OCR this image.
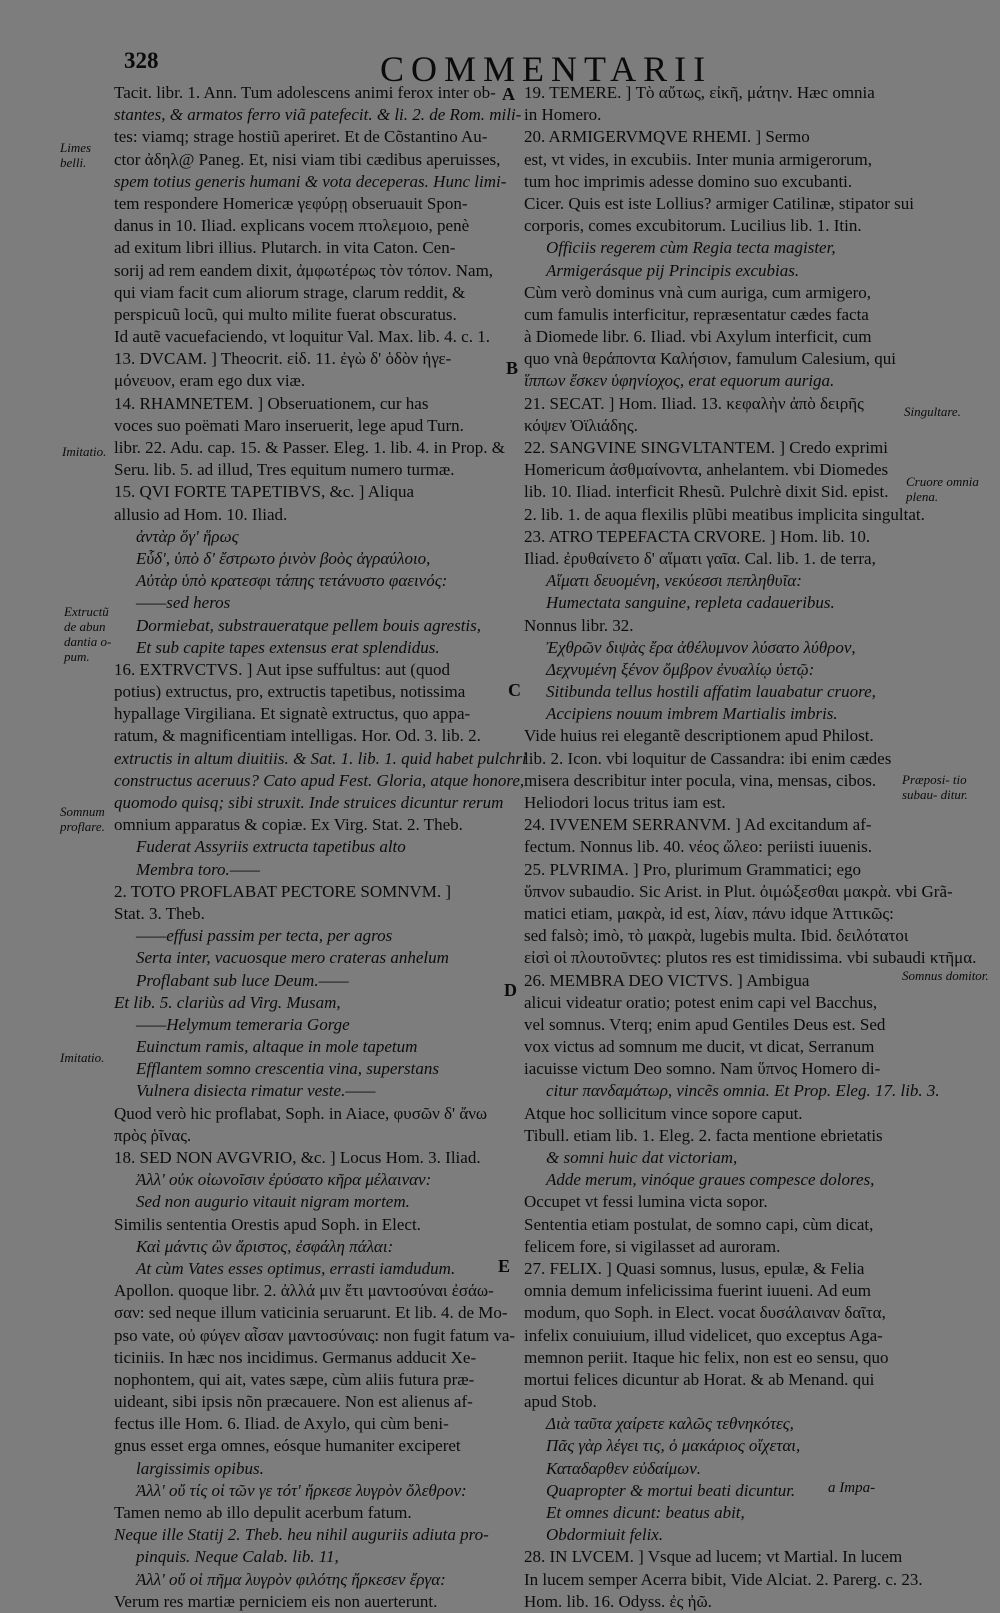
328	COMMENTARII
Tacit. libr. 1. Ann. Tum adolescens animi ferox inter ob-
stantes, & armatos ferro viã patefecit. & li. 2. de Rom. mili-
tes: viamq; strage hostiũ aperiret. Et de Cõstantino Au-
ctor ἀδηλ@ Paneg. Et, nisi viam tibi cædibus aperuisses,
spem totius generis humani & vota deceperas. Hunc limi-
tem respondere Homericæ γεφύρῃ obseruauit Spon-
danus in 10. Iliad. explicans vocem πτολεμοιο, penè
ad exitum libri illius. Plutarch. in vita Caton. Cen-
sorij ad rem eandem dixit, ἀμφωτέρως τὸν τόπον. Nam,
qui viam facit cum aliorum strage, clarum reddit, &
perspicuũ locũ, qui multo milite fuerat obscuratus.
Id autẽ vacuefaciendo, vt loquitur Val. Max. lib. 4. c. 1.
13. DVCAM. ] Theocrit. εἰδ. 11. ἐγὼ δ' ὁδὸν ἡγε-
μόνευον, eram ego dux viæ.
14. RHAMNETEM. ] Obseruationem, cur has
voces suo poëmati Maro inseruerit, lege apud Turn.
libr. 22. Adu. cap. 15. & Passer. Eleg. 1. lib. 4. in Prop. &
Seru. lib. 5. ad illud, Tres equitum numero turmæ.
15. QVI FORTE TAPETIBVS, &c. ] Aliqua
allusio ad Hom. 10. Iliad.
ἀντὰρ ὅγ' ἥρως
Εὗδ', ὑπὸ δ' ἔστρωτο ῥινὸν βοὸς ἀγραύλοιο,
Αὐτὰρ ὑπὸ κρατεσφι τάπης τετάνυστο φαεινός:
——sed heros
Dormiebat, substraueratque pellem bouis agrestis,
Et sub capite tapes extensus erat splendidus.
16. EXTRVCTVS. ] Aut ipse suffultus: aut (quod
potius) extructus, pro, extructis tapetibus, notissima
hypallage Virgiliana. Et signatè extructus, quo appa-
ratum, & magnificentiam intelligas. Hor. Od. 3. lib. 2.
extructis in altum diuitiis. & Sat. 1. lib. 1. quid habet pulchri
constructus aceruus? Cato apud Fest. Gloria, atque honore,
quomodo quisq; sibi struxit. Inde struices dicuntur rerum
omnium apparatus & copiæ. Ex Virg. Stat. 2. Theb.
Fuderat Assyriis extructa tapetibus alto
Membra toro.——
2. TOTO PROFLABAT PECTORE SOMNVM. ]
Stat. 3. Theb.
——effusi passim per tecta, per agros
Serta inter, vacuosque mero crateras anhelum
Proflabant sub luce Deum.——
Et lib. 5. clariùs ad Virg. Musam,
——Helymum temeraria Gorge
Euinctum ramis, altaque in mole tapetum
Efflantem somno crescentia vina, superstans
Vulnera disiecta rimatur veste.——
Quod verò hic proflabat, Soph. in Aiace, φυσῶν δ' ἄνω
πρὸς ῥῖνας.
18. SED NON AVGVRIO, &c. ] Locus Hom. 3. Iliad.
Ἀλλ' οὐκ οἰωνοῖσιν ἐρύσατο κῆρα μέλαιναν:
Sed non augurio vitauit nigram mortem.
Similis sententia Orestis apud Soph. in Elect.
Καὶ μάντις ὢν ἄριστος, ἐσφάλη πάλαι:
At cùm Vates esses optimus, errasti iamdudum.
Apollon. quoque libr. 2. ἀλλά μιν ἔτι μαντοσύναι ἐσάω-
σαν: sed neque illum vaticinia seruarunt. Et lib. 4. de Mo-
pso vate, οὐ φύγεν αἶσαν μαντοσύναις: non fugit fatum va-
ticiniis. In hæc nos incidimus. Germanus adducit Xe-
nophontem, qui ait, vates sæpe, cùm aliis futura præ-
uideant, sibi ipsis nõn præcauere. Non est alienus af-
fectus ille Hom. 6. Iliad. de Axylo, qui cùm beni-
gnus esset erga omnes, eósque humaniter exciperet
largissimis opibus.
Ἀλλ' οὔ τίς οἱ τῶν γε τότ' ἤρκεσε λυγρὸν ὄλεθρον:
Tamen nemo ab illo depulit acerbum fatum.
Neque ille Statij 2. Theb. heu nihil auguriis adiuta pro-
pinquis. Neque Calab. lib. 11,
Ἀλλ' οὔ οἱ πῆμα λυγρὸν φιλότης ἤρκεσεν ἔργα:
Verum res martiæ perniciem eis non auerterunt.
19. TEMERE. ] Τὸ αὔτως, εἰκῆ, μάτην. Hæc omnia
in Homero.
20. ARMIGERVMQVE RHEMI. ] Sermo
est, vt vides, in excubiis. Inter munia armigerorum,
tum hoc imprimis adesse domino suo excubanti.
Cicer. Quis est iste Lollius? armiger Catilinæ, stipator sui
corporis, comes excubitorum. Lucilius lib. 1. Itin.
Officiis regerem cùm Regia tecta magister,
Armigerásque pij Principis excubias.
Cùm verò dominus vnà cum auriga, cum armigero,
cum famulis interficitur, repræsentatur cædes facta
à Diomede libr. 6. Iliad. vbi Axylum interficit, cum
quo vnà θεράποντα Καλήσιον, famulum Calesium, qui
ἵππων ἔσκεν ὑφηνίοχος, erat equorum auriga.
21. SECAT. ] Hom. Iliad. 13. κεφαλὴν ἀπὸ δειρῆς
κόψεν Ὀϊλιάδης.
22. SANGVINE SINGVLTANTEM. ] Credo exprimi
Homericum ἀσθμαίνοντα, anhelantem. vbi Diomedes
lib. 10. Iliad. interficit Rhesũ. Pulchrè dixit Sid. epist.
2. lib. 1. de aqua flexilis plũbi meatibus implicita singultat.
23. ATRO TEPEFACTA CRVORE. ] Hom. lib. 10.
Iliad. ἐρυθαίνετο δ' αἵματι γαῖα. Cal. lib. 1. de terra,
Αἵματι δευομένη, νεκύεσσι πεπληθυῖα:
Humectata sanguine, repleta cadaueribus.
Nonnus libr. 32.
Ἐχθρῶν διψὰς ἔρα ἀθέλυμνον λύσατο λύθρον,
Δεχνυμένη ξένον ὄμβρον ἐνυαλίῳ ὑετῷ:
Sitibunda tellus hostili affatim lauabatur cruore,
Accipiens nouum imbrem Martialis imbris.
Vide huius rei elegantẽ descriptionem apud Philost.
lib. 2. Icon. vbi loquitur de Cassandra: ibi enim cædes
misera describitur inter pocula, vina, mensas, cibos.
Heliodori locus tritus iam est.
24. IVVENEM SERRANVM. ] Ad excitandum af-
fectum. Nonnus lib. 40. νέος ὤλεο: periisti iuuenis.
25. PLVRIMA. ] Pro, plurimum Grammatici; ego
ὕπνον subaudio. Sic Arist. in Plut. ὀιμώξεσθαι μακρὰ. vbi Grã-
matici etiam, μακρὰ, id est, λίαν, πάνυ idque Ἀττικῶς:
sed falsò; imò, τὸ μακρὰ, lugebis multa. Ibid. δειλότατοι
εἰσὶ οἱ πλουτοῦντες: plutos res est timidissima. vbi subaudi κτῆμα.
26. MEMBRA DEO VICTVS. ] Ambigua
alicui videatur oratio; potest enim capi vel Bacchus,
vel somnus. Vterq; enim apud Gentiles Deus est. Sed
vox victus ad somnum me ducit, vt dicat, Serranum
iacuisse victum Deo somno. Nam ὕπνος Homero di-
citur πανδαμάτωρ, vincẽs omnia. Et Prop. Eleg. 17. lib. 3.
Atque hoc sollicitum vince sopore caput.
Tibull. etiam lib. 1. Eleg. 2. facta mentione ebrietatis
& somni huic dat victoriam,
Adde merum, vinóque graues compesce dolores,
Occupet vt fessi lumina victa sopor.
Sententia etiam postulat, de somno capi, cùm dicat,
felicem fore, si vigilasset ad auroram.
27. FELIX. ] Quasi somnus, lusus, epulæ, & Felia
omnia demum infelicissima fuerint iuueni. Ad eum
modum, quo Soph. in Elect. vocat δυσάλαιναν δαῖτα,
infelix conuiuium, illud videlicet, quo exceptus Aga-
memnon periit. Itaque hic felix, non est eo sensu, quo
mortui felices dicuntur ab Horat. & ab Menand. qui
apud Stob.
Διὰ ταῦτα χαίρετε καλῶς τεθνηκότες,
Πᾶς γὰρ λέγει τις, ὁ μακάριος οἴχεται,
Καταδαρθεν εὐδαίμων.
Quapropter & mortui beati dicuntur.
Et omnes dicunt: beatus abit,
Obdormiuit felix.
28. IN LVCEM. ] Vsque ad lucem; vt Martial. In lucem
In lucem semper Acerra bibit, Vide Alciat. 2. Parerg. c. 23.
Hom. lib. 16. Odyss. ἐς ἠῶ.
Limes belli.
Imitatio.
Extructũ de abun dantia o- pum.
Somnum proflare.
Imitatio.
Singultare.
Cruore omnia plena.
Præposi- tio subau- ditur.
Somnus domitor.
A
B
C
D
E
a Impa-
